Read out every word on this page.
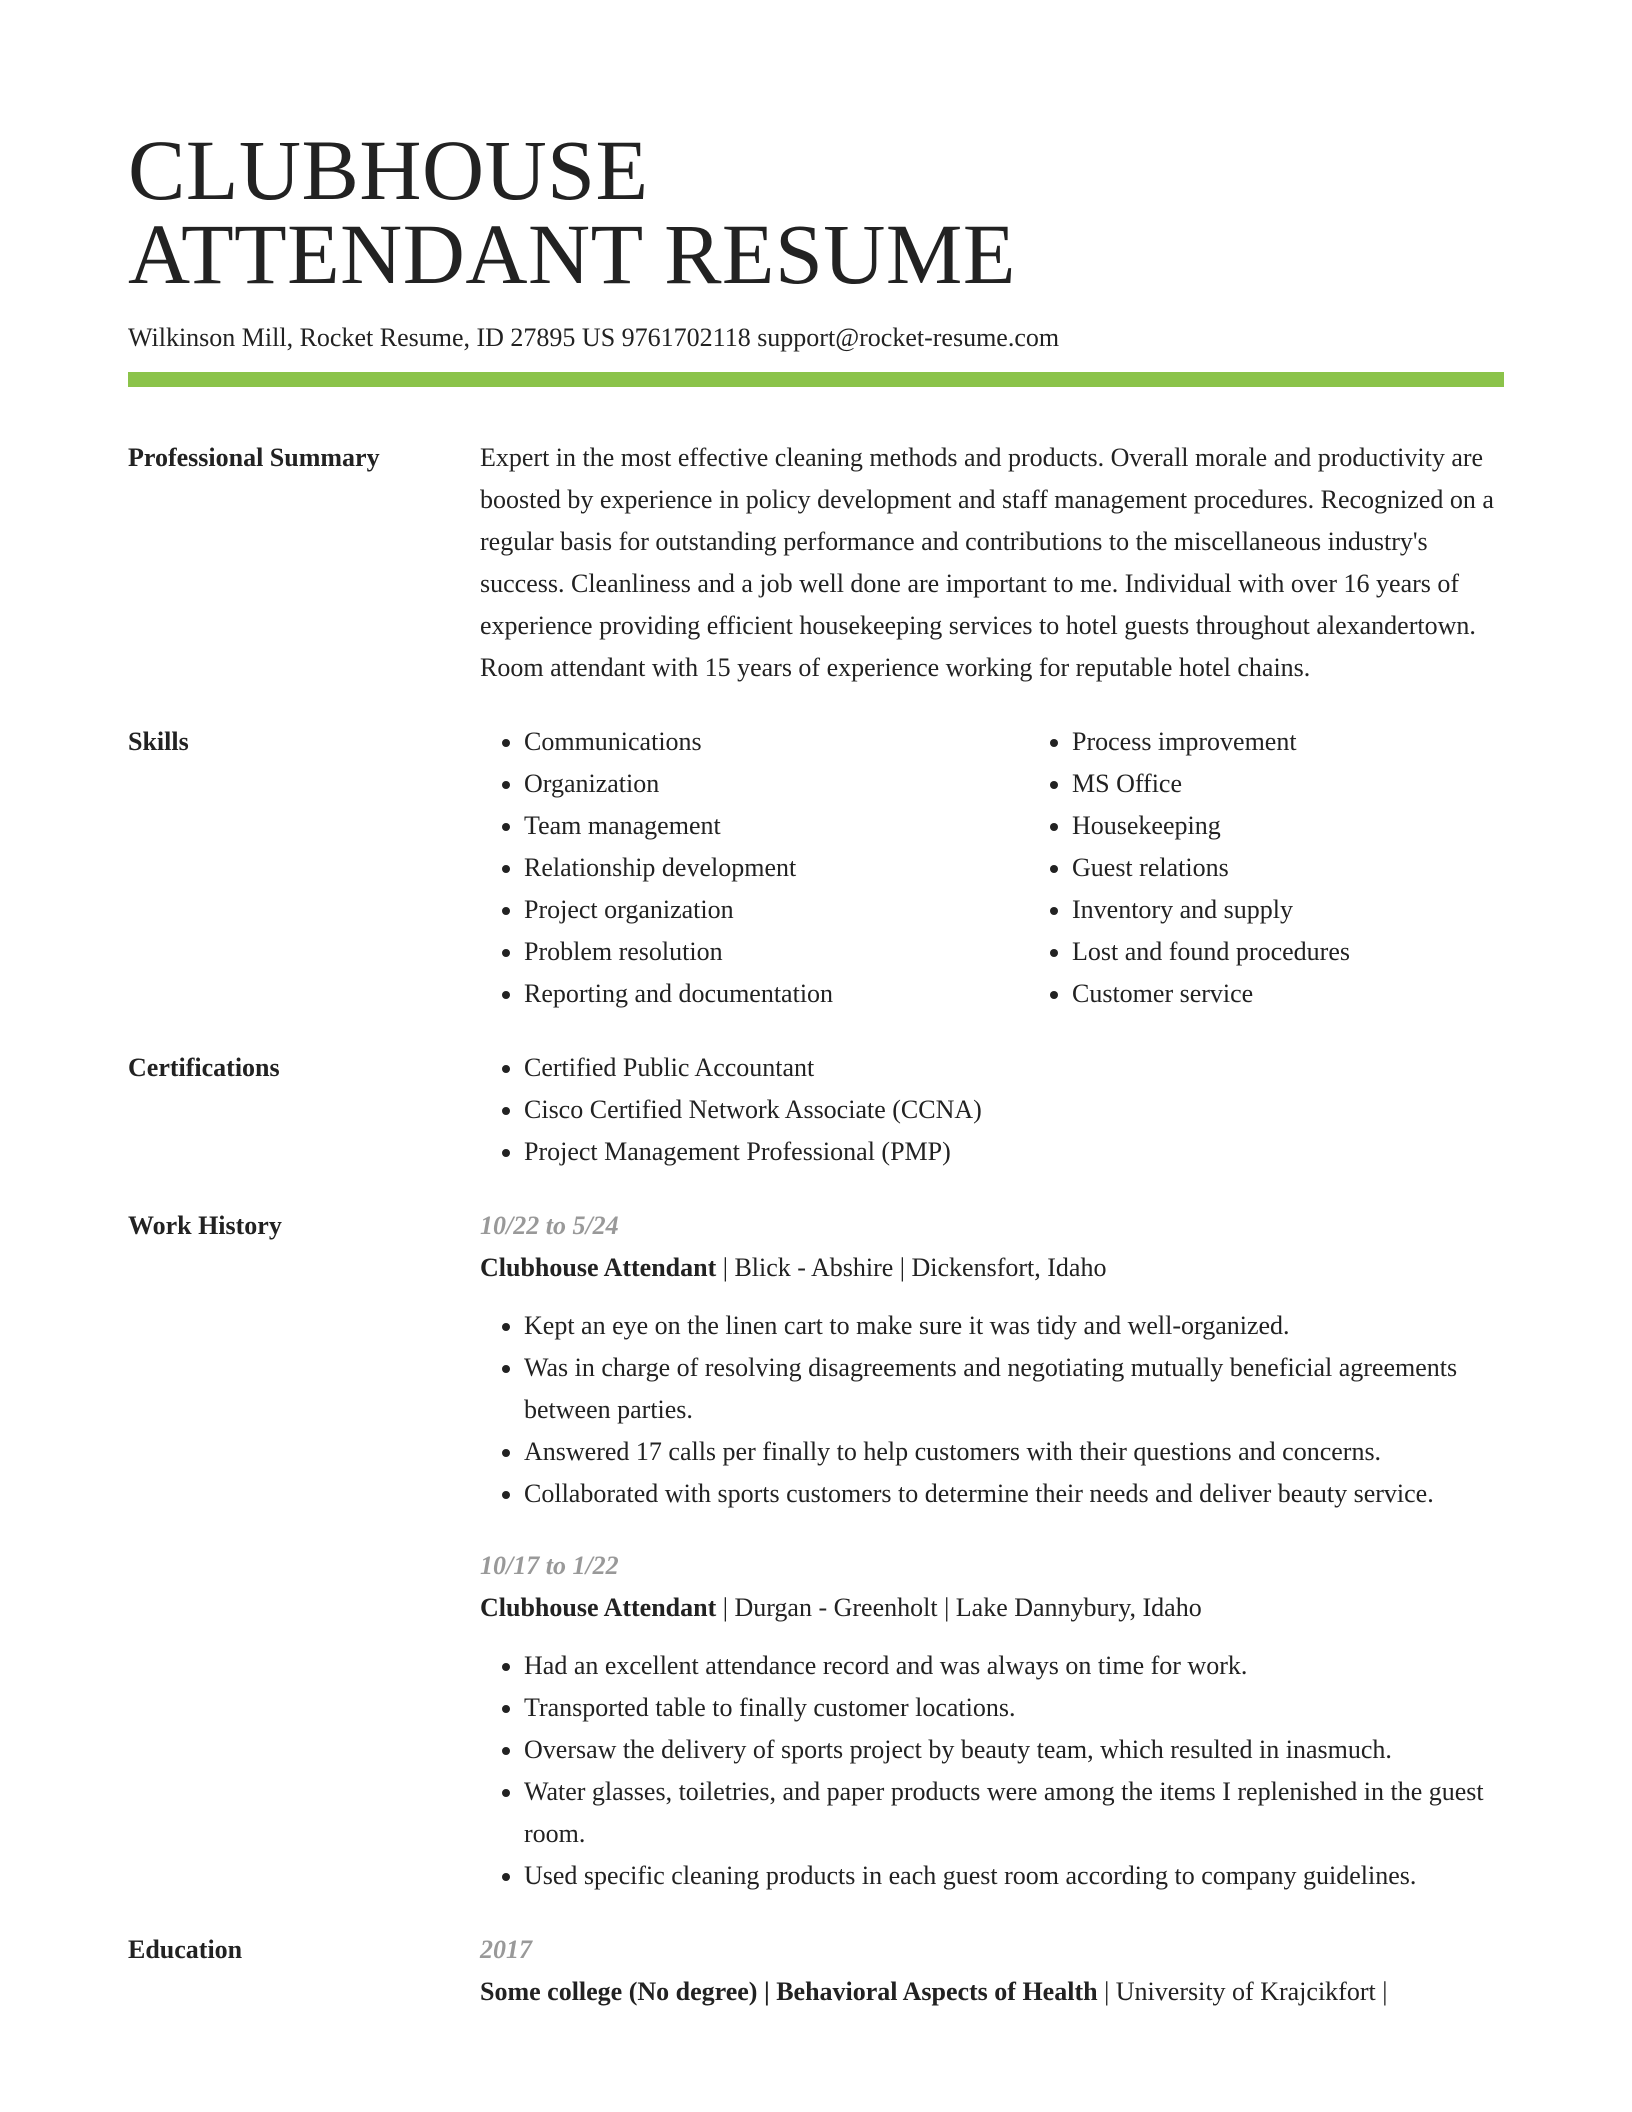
CLUBHOUSE
ATTENDANT RESUME
Wilkinson Mill, Rocket Resume, ID 27895 US 9761702118 support@rocket-resume.com
Professional Summary	Expert in the most effective cleaning methods and products. Overall morale and productivity are boosted by experience in policy development and staff management procedures. Recognized on a regular basis for outstanding performance and contributions to the miscellaneous industry's success. Cleanliness and a job well done are important to me. Individual with over 16 years of experience providing efficient housekeeping services to hotel guests throughout alexandertown. Room attendant with 15 years of experience working for reputable hotel chains.

Skills	• Communications
• Organization
• Team management
• Relationship development
• Project organization
• Problem resolution
• Reporting and documentation
• Process improvement
• MS Office
• Housekeeping
• Guest relations
• Inventory and supply
• Lost and found procedures
• Customer service
Certifications	• Certified Public Accountant
• Cisco Certified Network Associate (CCNA)
• Project Management Professional (PMP)
Work History	10/22 to 5/24
Clubhouse Attendant | Blick - Abshire | Dickensfort, Idaho
• Kept an eye on the linen cart to make sure it was tidy and well-organized.
• Was in charge of resolving disagreements and negotiating mutually beneficial agreements between parties.
• Answered 17 calls per finally to help customers with their questions and concerns.
• Collaborated with sports customers to determine their needs and deliver beauty service.
10/17 to 1/22
Clubhouse Attendant | Durgan - Greenholt | Lake Dannybury, Idaho
• Had an excellent attendance record and was always on time for work.
• Transported table to finally customer locations.
• Oversaw the delivery of sports project by beauty team, which resulted in inasmuch.
• Water glasses, toiletries, and paper products were among the items I replenished in the guest room.
• Used specific cleaning products in each guest room according to company guidelines.
Education	2017
Some college (No degree) | Behavioral Aspects of Health | University of Krajcikfort |
